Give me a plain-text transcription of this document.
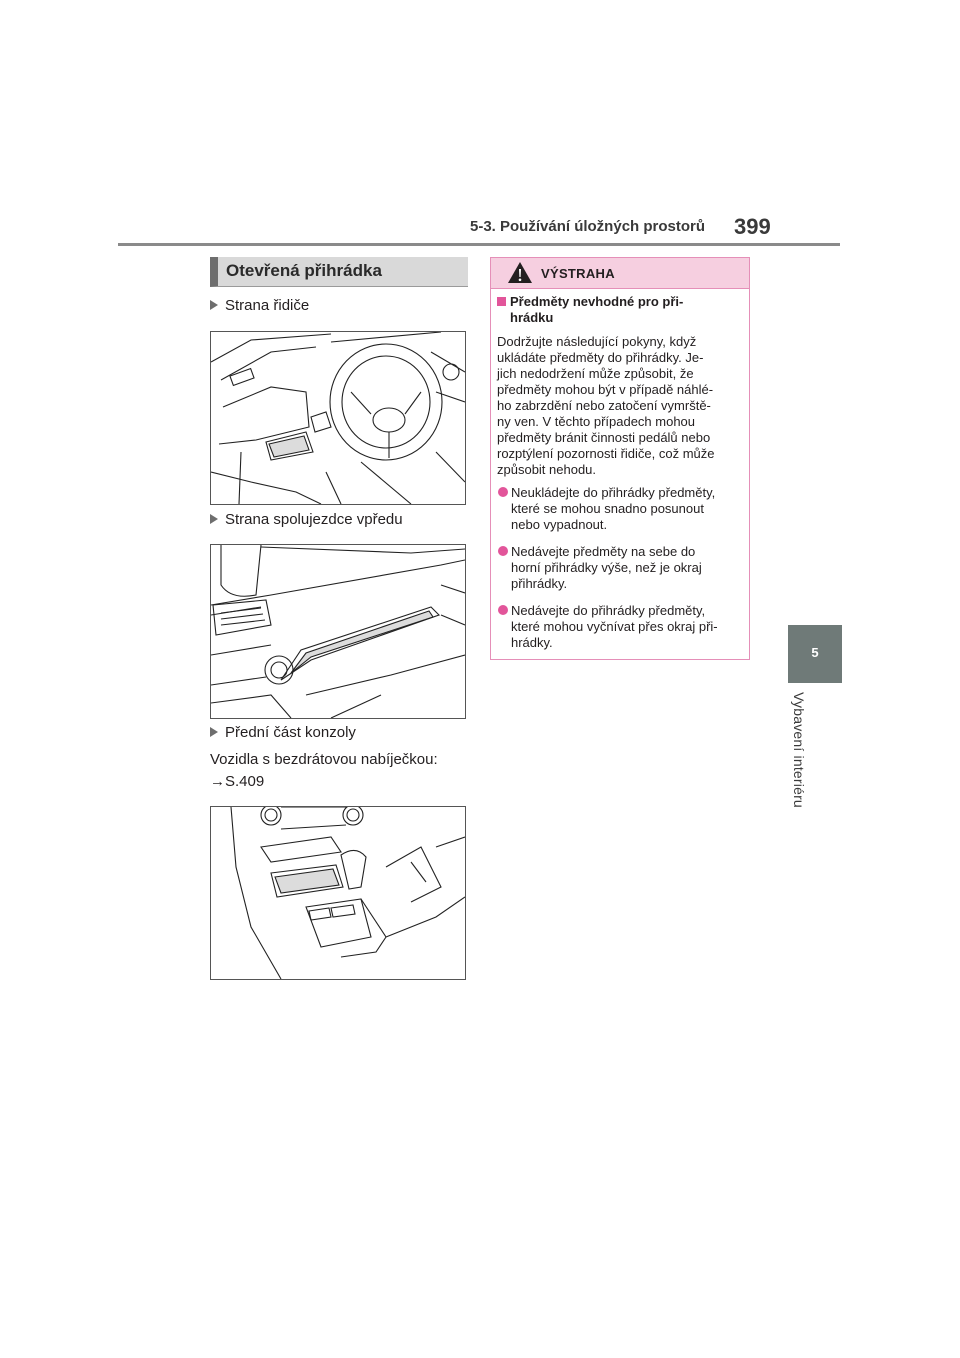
5-3. Používání úložných prostorů 399
5
Vybavení interiéru
Otevřená přihrádka
Strana řidiče
Strana spolujezdce vpředu
Přední část konzoly
Vozidla s bezdrátovou nabíječkou:
→S.409
VÝSTRAHA
Předměty nevhodné pro při-
hrádku
Dodržujte následující pokyny, když
ukládáte předměty do přihrádky. Je-
jich nedodržení může způsobit, že
předměty mohou být v případě náhlé-
ho zabrzdění nebo zatočení vymrště-
ny ven. V těchto případech mohou
předměty bránit činnosti pedálů nebo
rozptýlení pozornosti řidiče, což může
způsobit nehodu.
Neukládejte do přihrádky předměty,
které se mohou snadno posunout
nebo vypadnout.
Nedávejte předměty na sebe do
horní přihrádky výše, než je okraj
přihrádky.
Nedávejte do přihrádky předměty,
které mohou vyčnívat přes okraj při-
hrádky.
